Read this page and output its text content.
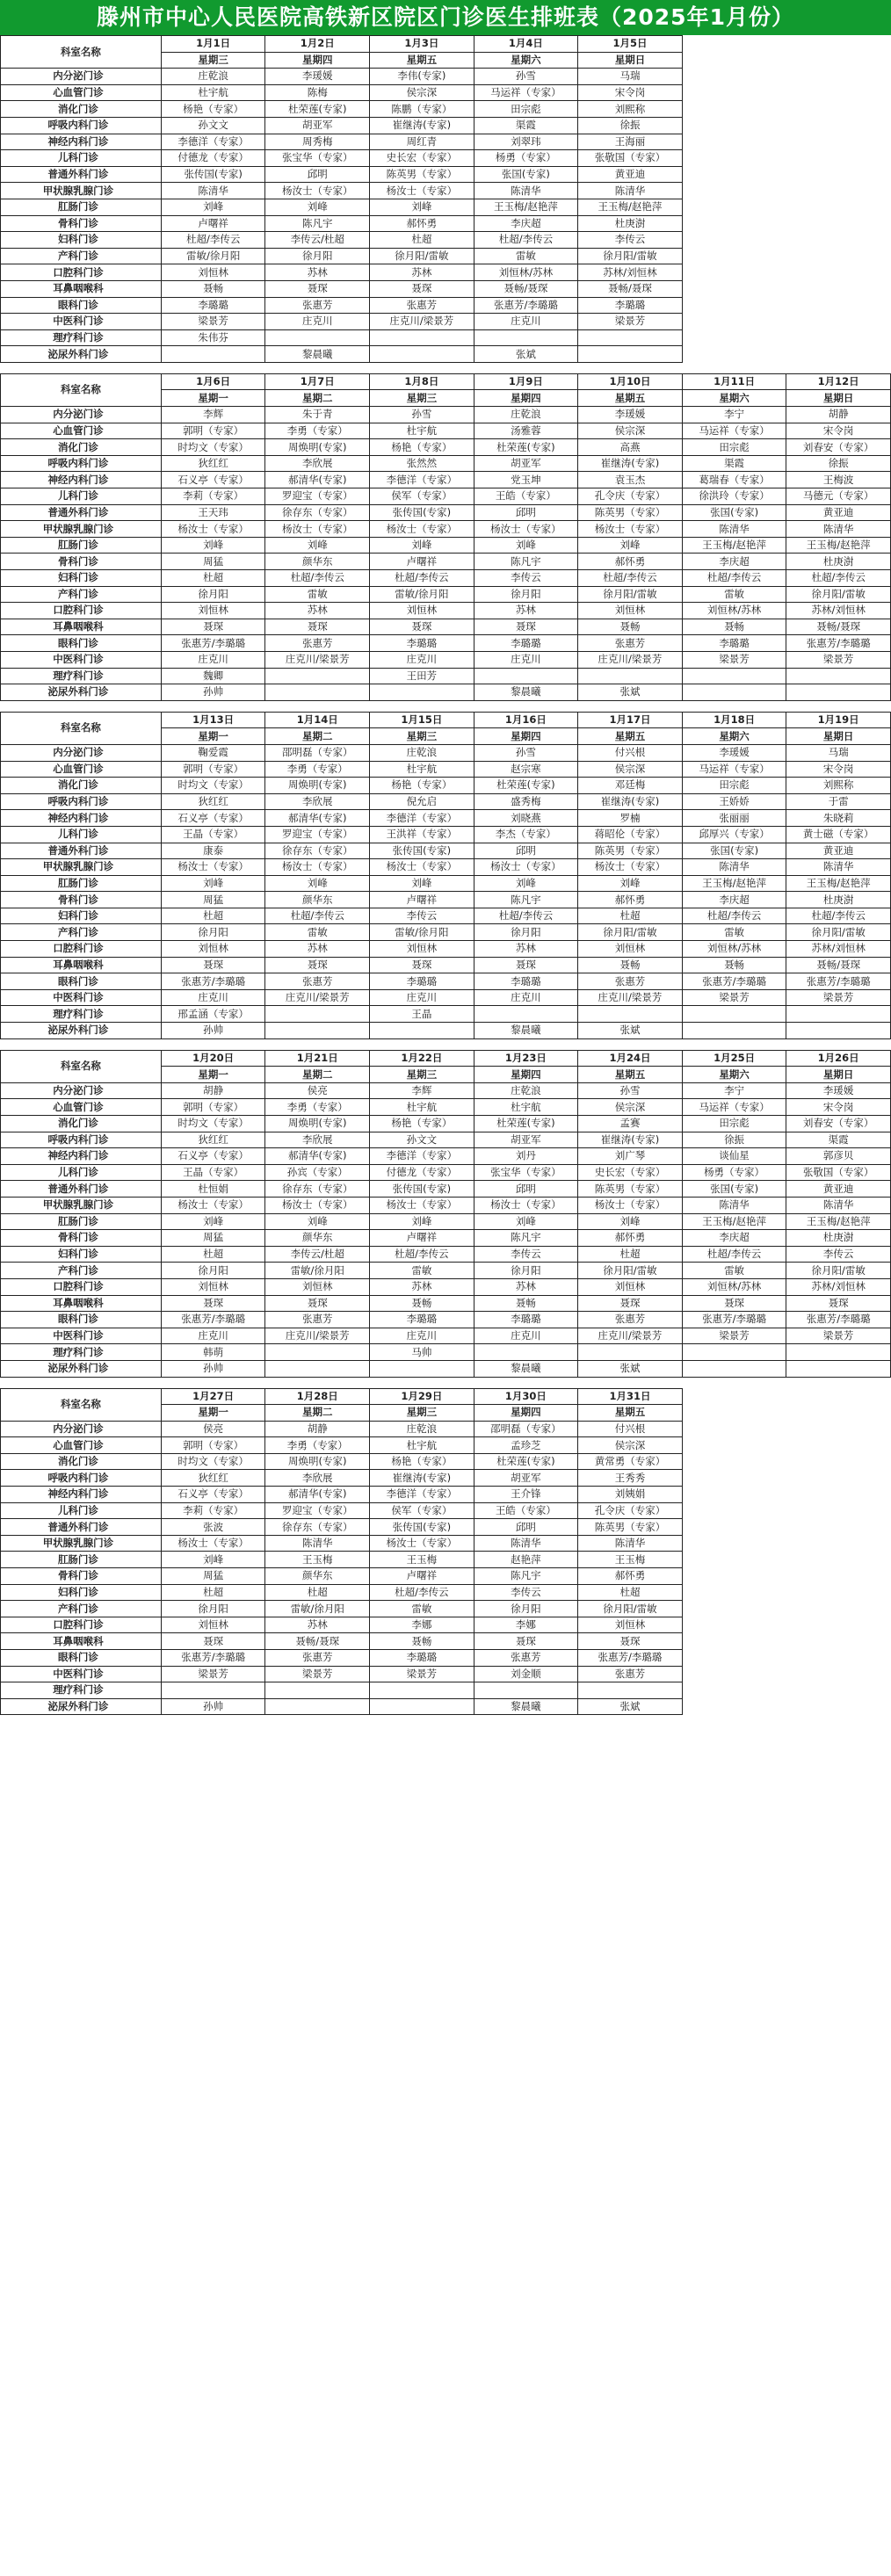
滕州市中心人民医院高铁新区院区门诊医生排班表（2025年1月份）
科室名称	1月1日	1月2日	1月3日	1月4日	1月5日		
	星期三	星期四	星期五	星期六	星期日		
内分泌门诊	庄乾浪	李瑗媛	李伟(专家)	孙雪	马瑞		
心血管门诊	杜宇航	陈梅	侯宗深	马运祥（专家）	宋令岗		
消化门诊	杨艳（专家）	杜荣莲(专家)	陈鹏（专家）	田宗彪	刘熙称		
呼吸内科门诊	孙文文	胡亚军	崔继涛(专家)	渠霞	徐振		
神经内科门诊	李德洋（专家）	周秀梅	周红青	刘翠玮	王海丽		
儿科门诊	付德龙（专家）	张宝华（专家）	史长宏（专家）	杨勇（专家）	张敬国（专家）		
普通外科门诊	张传国(专家)	邱明	陈英男（专家）	张国(专家)	黄亚迪		
甲状腺乳腺门诊	陈清华	杨汝士（专家）	杨汝士（专家）	陈清华	陈清华		
肛肠门诊	刘峰	刘峰	刘峰	王玉梅/赵艳萍	王玉梅/赵艳萍		
骨科门诊	卢曙祥	陈凡宇	郝怀勇	李庆超	杜庚澍		
妇科门诊	杜超/李传云	李传云/杜超	杜超	杜超/李传云	李传云		
产科门诊	雷敏/徐月阳	徐月阳	徐月阳/雷敏	雷敏	徐月阳/雷敏		
口腔科门诊	刘恒林	苏林	苏林	刘恒林/苏林	苏林/刘恒林		
耳鼻咽喉科	聂畅	聂琛	聂琛	聂畅/聂琛	聂畅/聂琛		
眼科门诊	李璐璐	张惠芳	张惠芳	张惠芳/李璐璐	李璐璐		
中医科门诊	梁景芳	庄克川	庄克川/梁景芳	庄克川	梁景芳		
理疗科门诊	朱伟芬						
泌尿外科门诊		黎晨曦		张斌			
科室名称	1月6日	1月7日	1月8日	1月9日	1月10日	1月11日	1月12日
	星期一	星期二	星期三	星期四	星期五	星期六	星期日
内分泌门诊	李辉	朱于青	孙雪	庄乾浪	李瑗媛	李宁	胡静
心血管门诊	郭明（专家）	李勇（专家）	杜宇航	汤雅蓉	侯宗深	马运祥（专家）	宋令岗
消化门诊	时均文（专家）	周焕明(专家)	杨艳（专家）	杜荣莲(专家)	高燕	田宗彪	刘春安（专家）
呼吸内科门诊	狄红红	李欣展	张然然	胡亚军	崔继涛(专家)	渠霞	徐振
神经内科门诊	石义亭（专家）	郝清华(专家)	李德洋（专家）	党玉坤	袁玉杰	葛瑞春（专家）	王梅波
儿科门诊	李莉（专家）	罗迎宝（专家）	侯军（专家）	王皓（专家）	孔令庆（专家）	徐洪玲（专家）	马德元（专家）
普通外科门诊	王天玮	徐存东（专家）	张传国(专家)	邱明	陈英男（专家）	张国(专家)	黄亚迪
甲状腺乳腺门诊	杨汝士（专家）	杨汝士（专家）	杨汝士（专家）	杨汝士（专家）	杨汝士（专家）	陈清华	陈清华
肛肠门诊	刘峰	刘峰	刘峰	刘峰	刘峰	王玉梅/赵艳萍	王玉梅/赵艳萍
骨科门诊	周猛	颜华东	卢曙祥	陈凡宇	郝怀勇	李庆超	杜庚澍
妇科门诊	杜超	杜超/李传云	杜超/李传云	李传云	杜超/李传云	杜超/李传云	杜超/李传云
产科门诊	徐月阳	雷敏	雷敏/徐月阳	徐月阳	徐月阳/雷敏	雷敏	徐月阳/雷敏
口腔科门诊	刘恒林	苏林	刘恒林	苏林	刘恒林	刘恒林/苏林	苏林/刘恒林
耳鼻咽喉科	聂琛	聂琛	聂琛	聂琛	聂畅	聂畅	聂畅/聂琛
眼科门诊	张惠芳/李璐璐	张惠芳	李璐璐	李璐璐	张惠芳	李璐璐	张惠芳/李璐璐
中医科门诊	庄克川	庄克川/梁景芳	庄克川	庄克川	庄克川/梁景芳	梁景芳	梁景芳
理疗科门诊	魏卿		王田芳				
泌尿外科门诊	孙帅			黎晨曦	张斌		
科室名称	1月13日	1月14日	1月15日	1月16日	1月17日	1月18日	1月19日
	星期一	星期二	星期三	星期四	星期五	星期六	星期日
内分泌门诊	鞠爱霞	邵明磊（专家）	庄乾浪	孙雪	付兴根	李瑗媛	马瑞
心血管门诊	郭明（专家）	李勇（专家）	杜宇航	赵宗寒	侯宗深	马运祥（专家）	宋令岗
消化门诊	时均文（专家）	周焕明(专家)	杨艳（专家）	杜荣莲(专家)	邓廷梅	田宗彪	刘熙称
呼吸内科门诊	狄红红	李欣展	倪允启	盛秀梅	崔继涛(专家)	王娇娇	于雷
神经内科门诊	石义亭（专家）	郝清华(专家)	李德洋（专家）	刘晓燕	罗楠	张丽丽	朱晓莉
儿科门诊	王晶（专家）	罗迎宝（专家）	王洪祥（专家）	李杰（专家）	蒋昭伦（专家）	邱厚兴（专家）	黄士磁（专家）
普通外科门诊	康泰	徐存东（专家）	张传国(专家)	邱明	陈英男（专家）	张国(专家)	黄亚迪
甲状腺乳腺门诊	杨汝士（专家）	杨汝士（专家）	杨汝士（专家）	杨汝士（专家）	杨汝士（专家）	陈清华	陈清华
肛肠门诊	刘峰	刘峰	刘峰	刘峰	刘峰	王玉梅/赵艳萍	王玉梅/赵艳萍
骨科门诊	周猛	颜华东	卢曙祥	陈凡宇	郝怀勇	李庆超	杜庚澍
妇科门诊	杜超	杜超/李传云	李传云	杜超/李传云	杜超	杜超/李传云	杜超/李传云
产科门诊	徐月阳	雷敏	雷敏/徐月阳	徐月阳	徐月阳/雷敏	雷敏	徐月阳/雷敏
口腔科门诊	刘恒林	苏林	刘恒林	苏林	刘恒林	刘恒林/苏林	苏林/刘恒林
耳鼻咽喉科	聂琛	聂琛	聂琛	聂琛	聂畅	聂畅	聂畅/聂琛
眼科门诊	张惠芳/李璐璐	张惠芳	李璐璐	李璐璐	张惠芳	张惠芳/李璐璐	张惠芳/李璐璐
中医科门诊	庄克川	庄克川/梁景芳	庄克川	庄克川	庄克川/梁景芳	梁景芳	梁景芳
理疗科门诊	邢孟涵（专家）		王晶				
泌尿外科门诊	孙帅			黎晨曦	张斌		
科室名称	1月20日	1月21日	1月22日	1月23日	1月24日	1月25日	1月26日
	星期一	星期二	星期三	星期四	星期五	星期六	星期日
内分泌门诊	胡静	侯亮	李辉	庄乾浪	孙雪	李宁	李瑗媛
心血管门诊	郭明（专家）	李勇（专家）	杜宇航	杜宇航	侯宗深	马运祥（专家）	宋令岗
消化门诊	时均文（专家）	周焕明(专家)	杨艳（专家）	杜荣莲(专家)	孟赛	田宗彪	刘春安（专家）
呼吸内科门诊	狄红红	李欣展	孙文文	胡亚军	崔继涛(专家)	徐振	渠霞
神经内科门诊	石义亭（专家）	郝清华(专家)	李德洋（专家）	刘丹	刘广琴	谈仙星	郭彦贝
儿科门诊	王晶（专家）	孙宾（专家）	付德龙（专家）	张宝华（专家）	史长宏（专家）	杨勇（专家）	张敬国（专家）
普通外科门诊	杜恒娟	徐存东（专家）	张传国(专家)	邱明	陈英男（专家）	张国(专家)	黄亚迪
甲状腺乳腺门诊	杨汝士（专家）	杨汝士（专家）	杨汝士（专家）	杨汝士（专家）	杨汝士（专家）	陈清华	陈清华
肛肠门诊	刘峰	刘峰	刘峰	刘峰	刘峰	王玉梅/赵艳萍	王玉梅/赵艳萍
骨科门诊	周猛	颜华东	卢曙祥	陈凡宇	郝怀勇	李庆超	杜庚澍
妇科门诊	杜超	李传云/杜超	杜超/李传云	李传云	杜超	杜超/李传云	李传云
产科门诊	徐月阳	雷敏/徐月阳	雷敏	徐月阳	徐月阳/雷敏	雷敏	徐月阳/雷敏
口腔科门诊	刘恒林	刘恒林	苏林	苏林	刘恒林	刘恒林/苏林	苏林/刘恒林
耳鼻咽喉科	聂琛	聂琛	聂畅	聂畅	聂琛	聂琛	聂琛
眼科门诊	张惠芳/李璐璐	张惠芳	李璐璐	李璐璐	张惠芳	张惠芳/李璐璐	张惠芳/李璐璐
中医科门诊	庄克川	庄克川/梁景芳	庄克川	庄克川	庄克川/梁景芳	梁景芳	梁景芳
理疗科门诊	韩萌		马帅				
泌尿外科门诊	孙帅			黎晨曦	张斌		
科室名称	1月27日	1月28日	1月29日	1月30日	1月31日		
	星期一	星期二	星期三	星期四	星期五		
内分泌门诊	侯亮	胡静	庄乾浪	邵明磊（专家）	付兴根		
心血管门诊	郭明（专家）	李勇（专家）	杜宇航	孟珍芝	侯宗深		
消化门诊	时均文（专家）	周焕明(专家)	杨艳（专家）	杜荣莲(专家)	黄常勇（专家）		
呼吸内科门诊	狄红红	李欣展	崔继涛(专家)	胡亚军	王秀秀		
神经内科门诊	石义亭（专家）	郝清华(专家)	李德洋（专家）	王介锋	刘姨娟		
儿科门诊	李莉（专家）	罗迎宝（专家）	侯军（专家）	王皓（专家）	孔令庆（专家）		
普通外科门诊	张波	徐存东（专家）	张传国(专家)	邱明	陈英男（专家）		
甲状腺乳腺门诊	杨汝士（专家）	陈清华	杨汝士（专家）	陈清华	陈清华		
肛肠门诊	刘峰	王玉梅	王玉梅	赵艳萍	王玉梅		
骨科门诊	周猛	颜华东	卢曙祥	陈凡宇	郝怀勇		
妇科门诊	杜超	杜超	杜超/李传云	李传云	杜超		
产科门诊	徐月阳	雷敏/徐月阳	雷敏	徐月阳	徐月阳/雷敏		
口腔科门诊	刘恒林	苏林	李娜	李娜	刘恒林		
耳鼻咽喉科	聂琛	聂畅/聂琛	聂畅	聂琛	聂琛		
眼科门诊	张惠芳/李璐璐	张惠芳	李璐璐	张惠芳	张惠芳/李璐璐		
中医科门诊	梁景芳	梁景芳	梁景芳	刘金顺	张惠芳		
理疗科门诊							
泌尿外科门诊	孙帅			黎晨曦	张斌		
